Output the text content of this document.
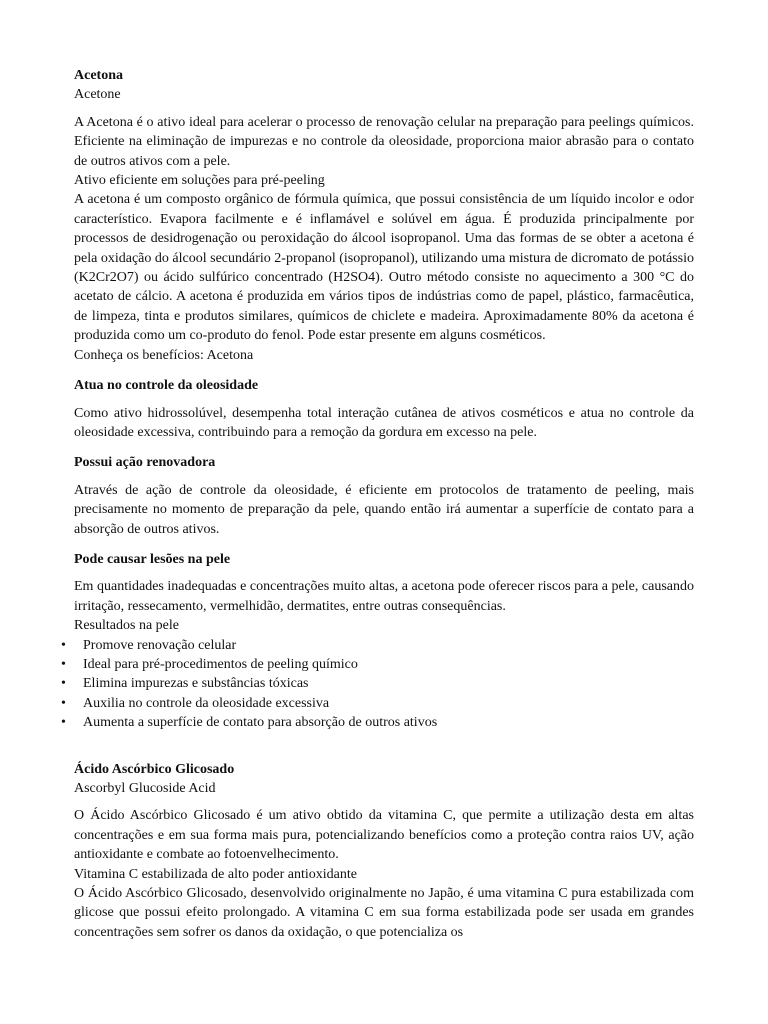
Acetona

Acetone

A Acetona é o ativo ideal para acelerar o processo de renovação celular na preparação para peelings químicos. Eficiente na eliminação de impurezas e no controle da oleosidade, proporciona maior abrasão para o contato de outros ativos com a pele.

Ativo eficiente em soluções para pré-peeling

A acetona é um composto orgânico de fórmula química, que possui consistência de um líquido incolor e odor característico. Evapora facilmente e é inflamável e solúvel em água. É produzida principalmente por processos de desidrogenação ou peroxidação do álcool isopropanol. Uma das formas de se obter a acetona é pela oxidação do álcool secundário 2-propanol (isopropanol), utilizando uma mistura de dicromato de potássio (K2Cr2O7) ou ácido sulfúrico concentrado (H2SO4). Outro método consiste no aquecimento a 300 °C do acetato de cálcio. A acetona é produzida em vários tipos de indústrias como de papel, plástico, farmacêutica, de limpeza, tinta e produtos similares, químicos de chiclete e madeira. Aproximadamente 80% da acetona é produzida como um co-produto do fenol. Pode estar presente em alguns cosméticos.

Conheça os benefícios: Acetona

Atua no controle da oleosidade

Como ativo hidrossolúvel, desempenha total interação cutânea de ativos cosméticos e atua no controle da oleosidade excessiva, contribuindo para a remoção da gordura em excesso na pele.

Possui ação renovadora

Através de ação de controle da oleosidade, é eficiente em protocolos de tratamento de peeling, mais precisamente no momento de preparação da pele, quando então irá aumentar a superfície de contato para a absorção de outros ativos.

Pode causar lesões na pele

Em quantidades inadequadas e concentrações muito altas, a acetona pode oferecer riscos para a pele, causando irritação, ressecamento, vermelhidão, dermatites, entre outras consequências.

Resultados na pele

• Promove renovação celular
• Ideal para pré-procedimentos de peeling químico
• Elimina impurezas e substâncias tóxicas
• Auxilia no controle da oleosidade excessiva
• Aumenta a superfície de contato para absorção de outros ativos

Ácido Ascórbico Glicosado

Ascorbyl Glucoside Acid

O Ácido Ascórbico Glicosado é um ativo obtido da vitamina C, que permite a utilização desta em altas concentrações e em sua forma mais pura, potencializando benefícios como a proteção contra raios UV, ação antioxidante e combate ao fotoenvelhecimento.

Vitamina C estabilizada de alto poder antioxidante

O Ácido Ascórbico Glicosado, desenvolvido originalmente no Japão, é uma vitamina C pura estabilizada com glicose que possui efeito prolongado. A vitamina C em sua forma estabilizada pode ser usada em grandes concentrações sem sofrer os danos da oxidação, o que potencializa os
